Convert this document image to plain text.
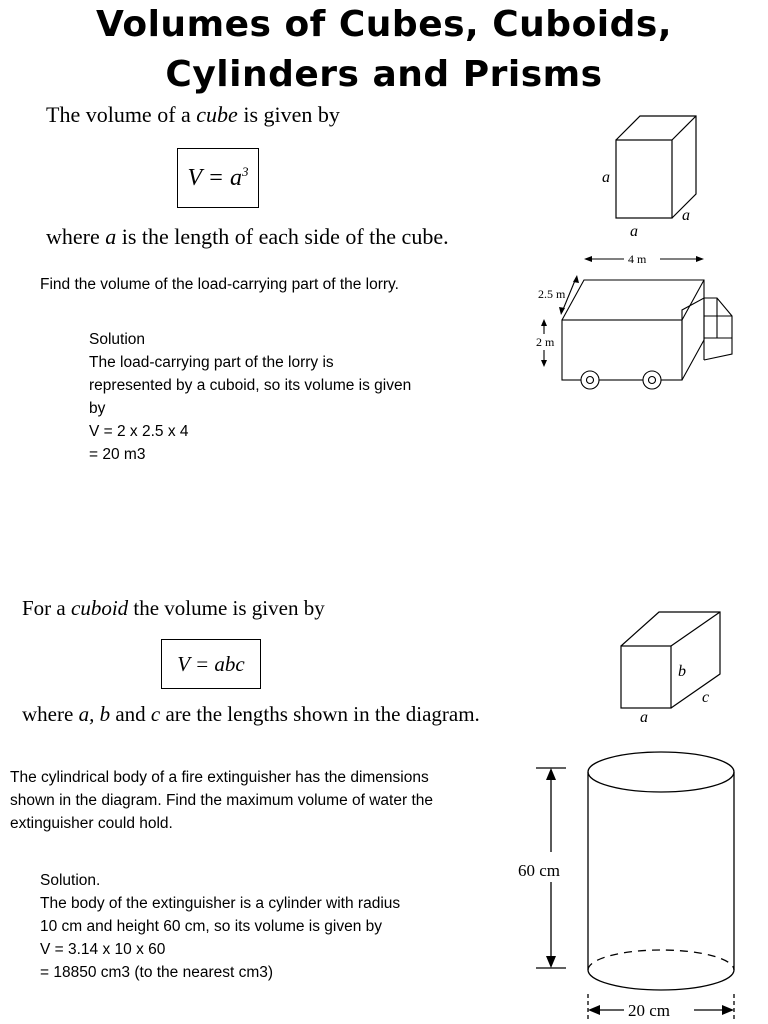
Volumes of Cubes, Cuboids,
Cylinders and Prisms
The volume of a cube is given by
$V = a^3$
where a is the length of each side of the cube.
a
a
a
Find the volume of the load-carrying part of the lorry.
Solution
The load-carrying part of the lorry is
represented by a cuboid, so its volume is given
by
V = 2 x 2.5 x 4
= 20 m3
4 m
2.5 m
2 m
For a cuboid the volume is given by
V = abc
where a, b and c are the lengths shown in the diagram.
b
c
a
The cylindrical body of a fire extinguisher has the dimensions
shown in the diagram. Find the maximum volume of water the
extinguisher could hold.
Solution.
The body of the extinguisher is a cylinder with radius
10 cm and height 60 cm, so its volume is given by
V = 3.14 x 10 x 60
= 18850 cm3 (to the nearest cm3)
60 cm
20 cm
